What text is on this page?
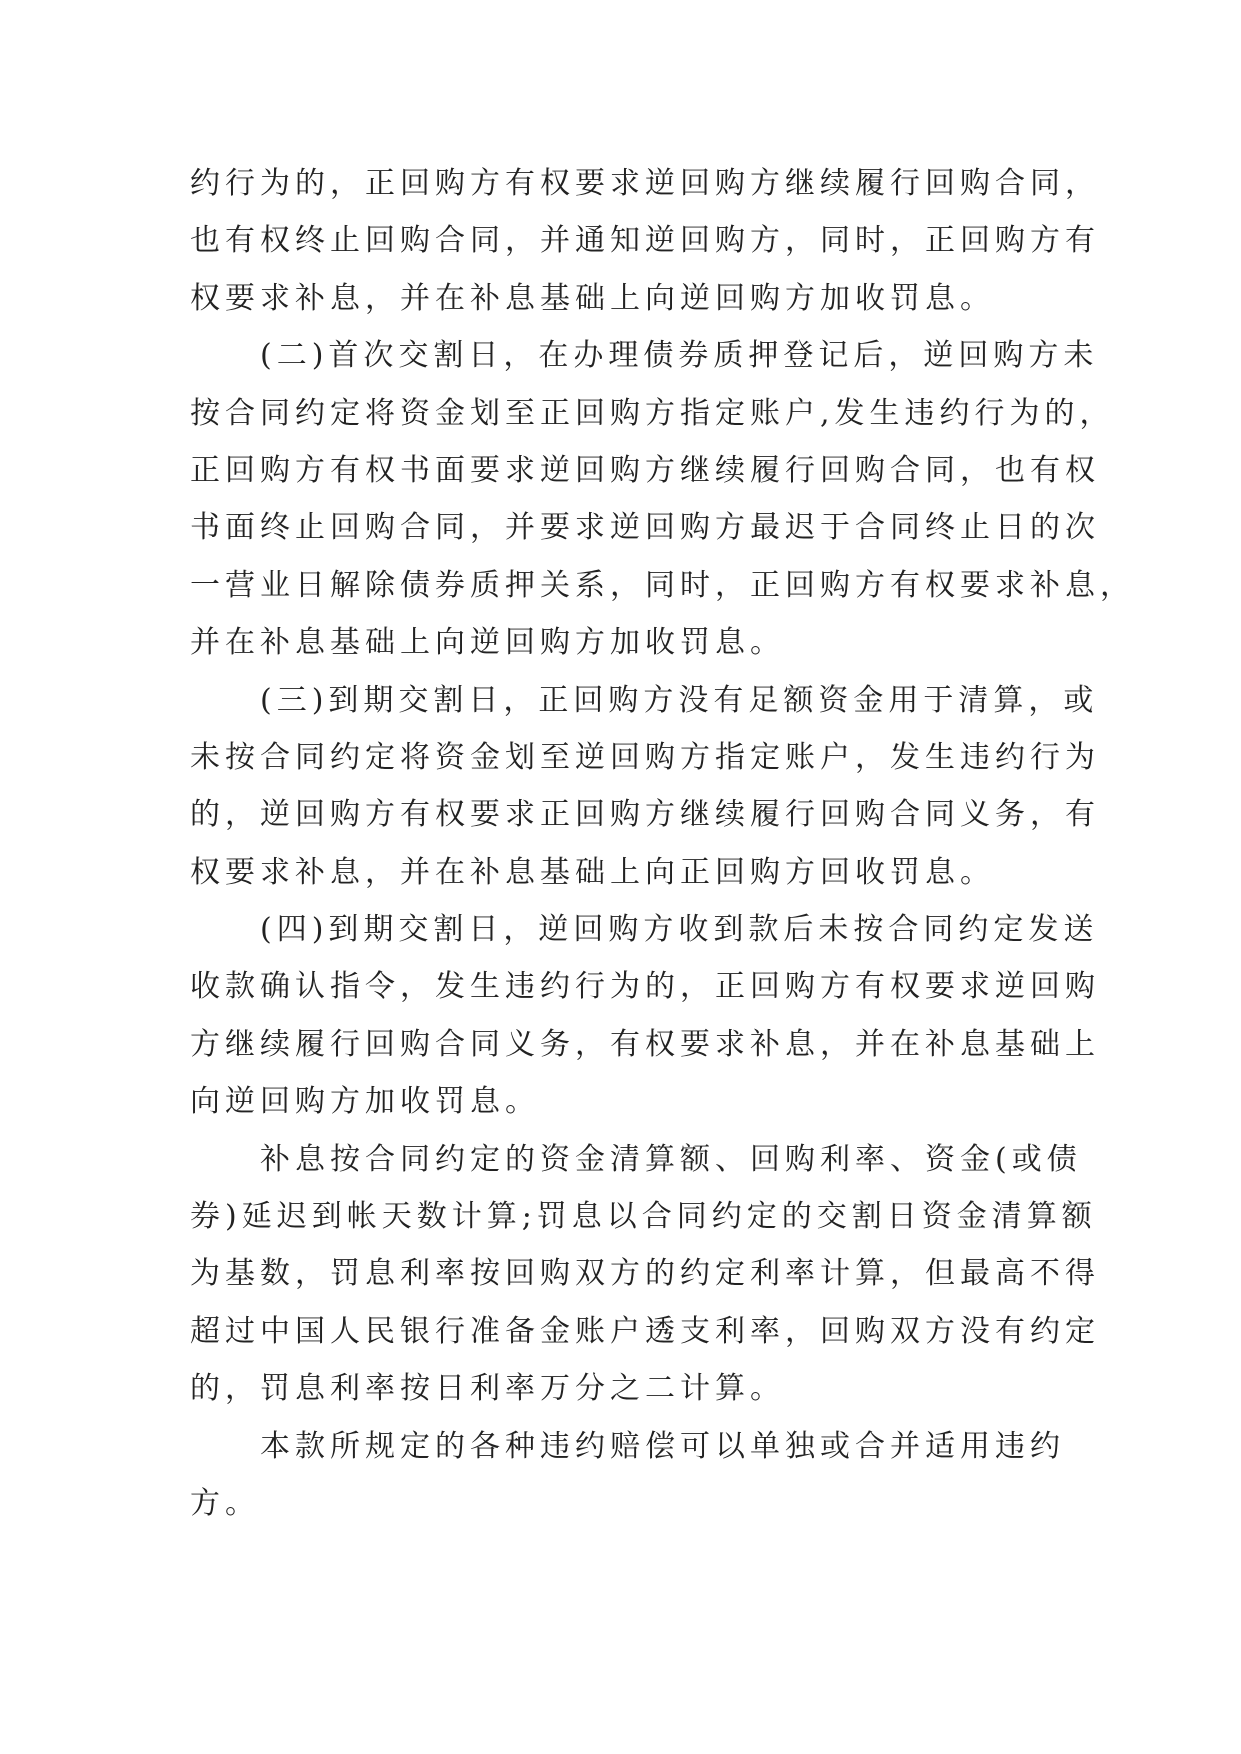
约行为的，正回购方有权要求逆回购方继续履行回购合同，
也有权终止回购合同，并通知逆回购方，同时，正回购方有
权要求补息，并在补息基础上向逆回购方加收罚息。
(二)首次交割日，在办理债券质押登记后，逆回购方未
按合同约定将资金划至正回购方指定账户,发生违约行为的，
正回购方有权书面要求逆回购方继续履行回购合同，也有权
书面终止回购合同，并要求逆回购方最迟于合同终止日的次
一营业日解除债券质押关系，同时，正回购方有权要求补息，
并在补息基础上向逆回购方加收罚息。
(三)到期交割日，正回购方没有足额资金用于清算，或
未按合同约定将资金划至逆回购方指定账户，发生违约行为
的，逆回购方有权要求正回购方继续履行回购合同义务，有
权要求补息，并在补息基础上向正回购方回收罚息。
(四)到期交割日，逆回购方收到款后未按合同约定发送
收款确认指令，发生违约行为的，正回购方有权要求逆回购
方继续履行回购合同义务，有权要求补息，并在补息基础上
向逆回购方加收罚息。
补息按合同约定的资金清算额、回购利率、资金(或债
券)延迟到帐天数计算;罚息以合同约定的交割日资金清算额
为基数，罚息利率按回购双方的约定利率计算，但最高不得
超过中国人民银行准备金账户透支利率，回购双方没有约定
的，罚息利率按日利率万分之二计算。
本款所规定的各种违约赔偿可以单独或合并适用违约
方。
